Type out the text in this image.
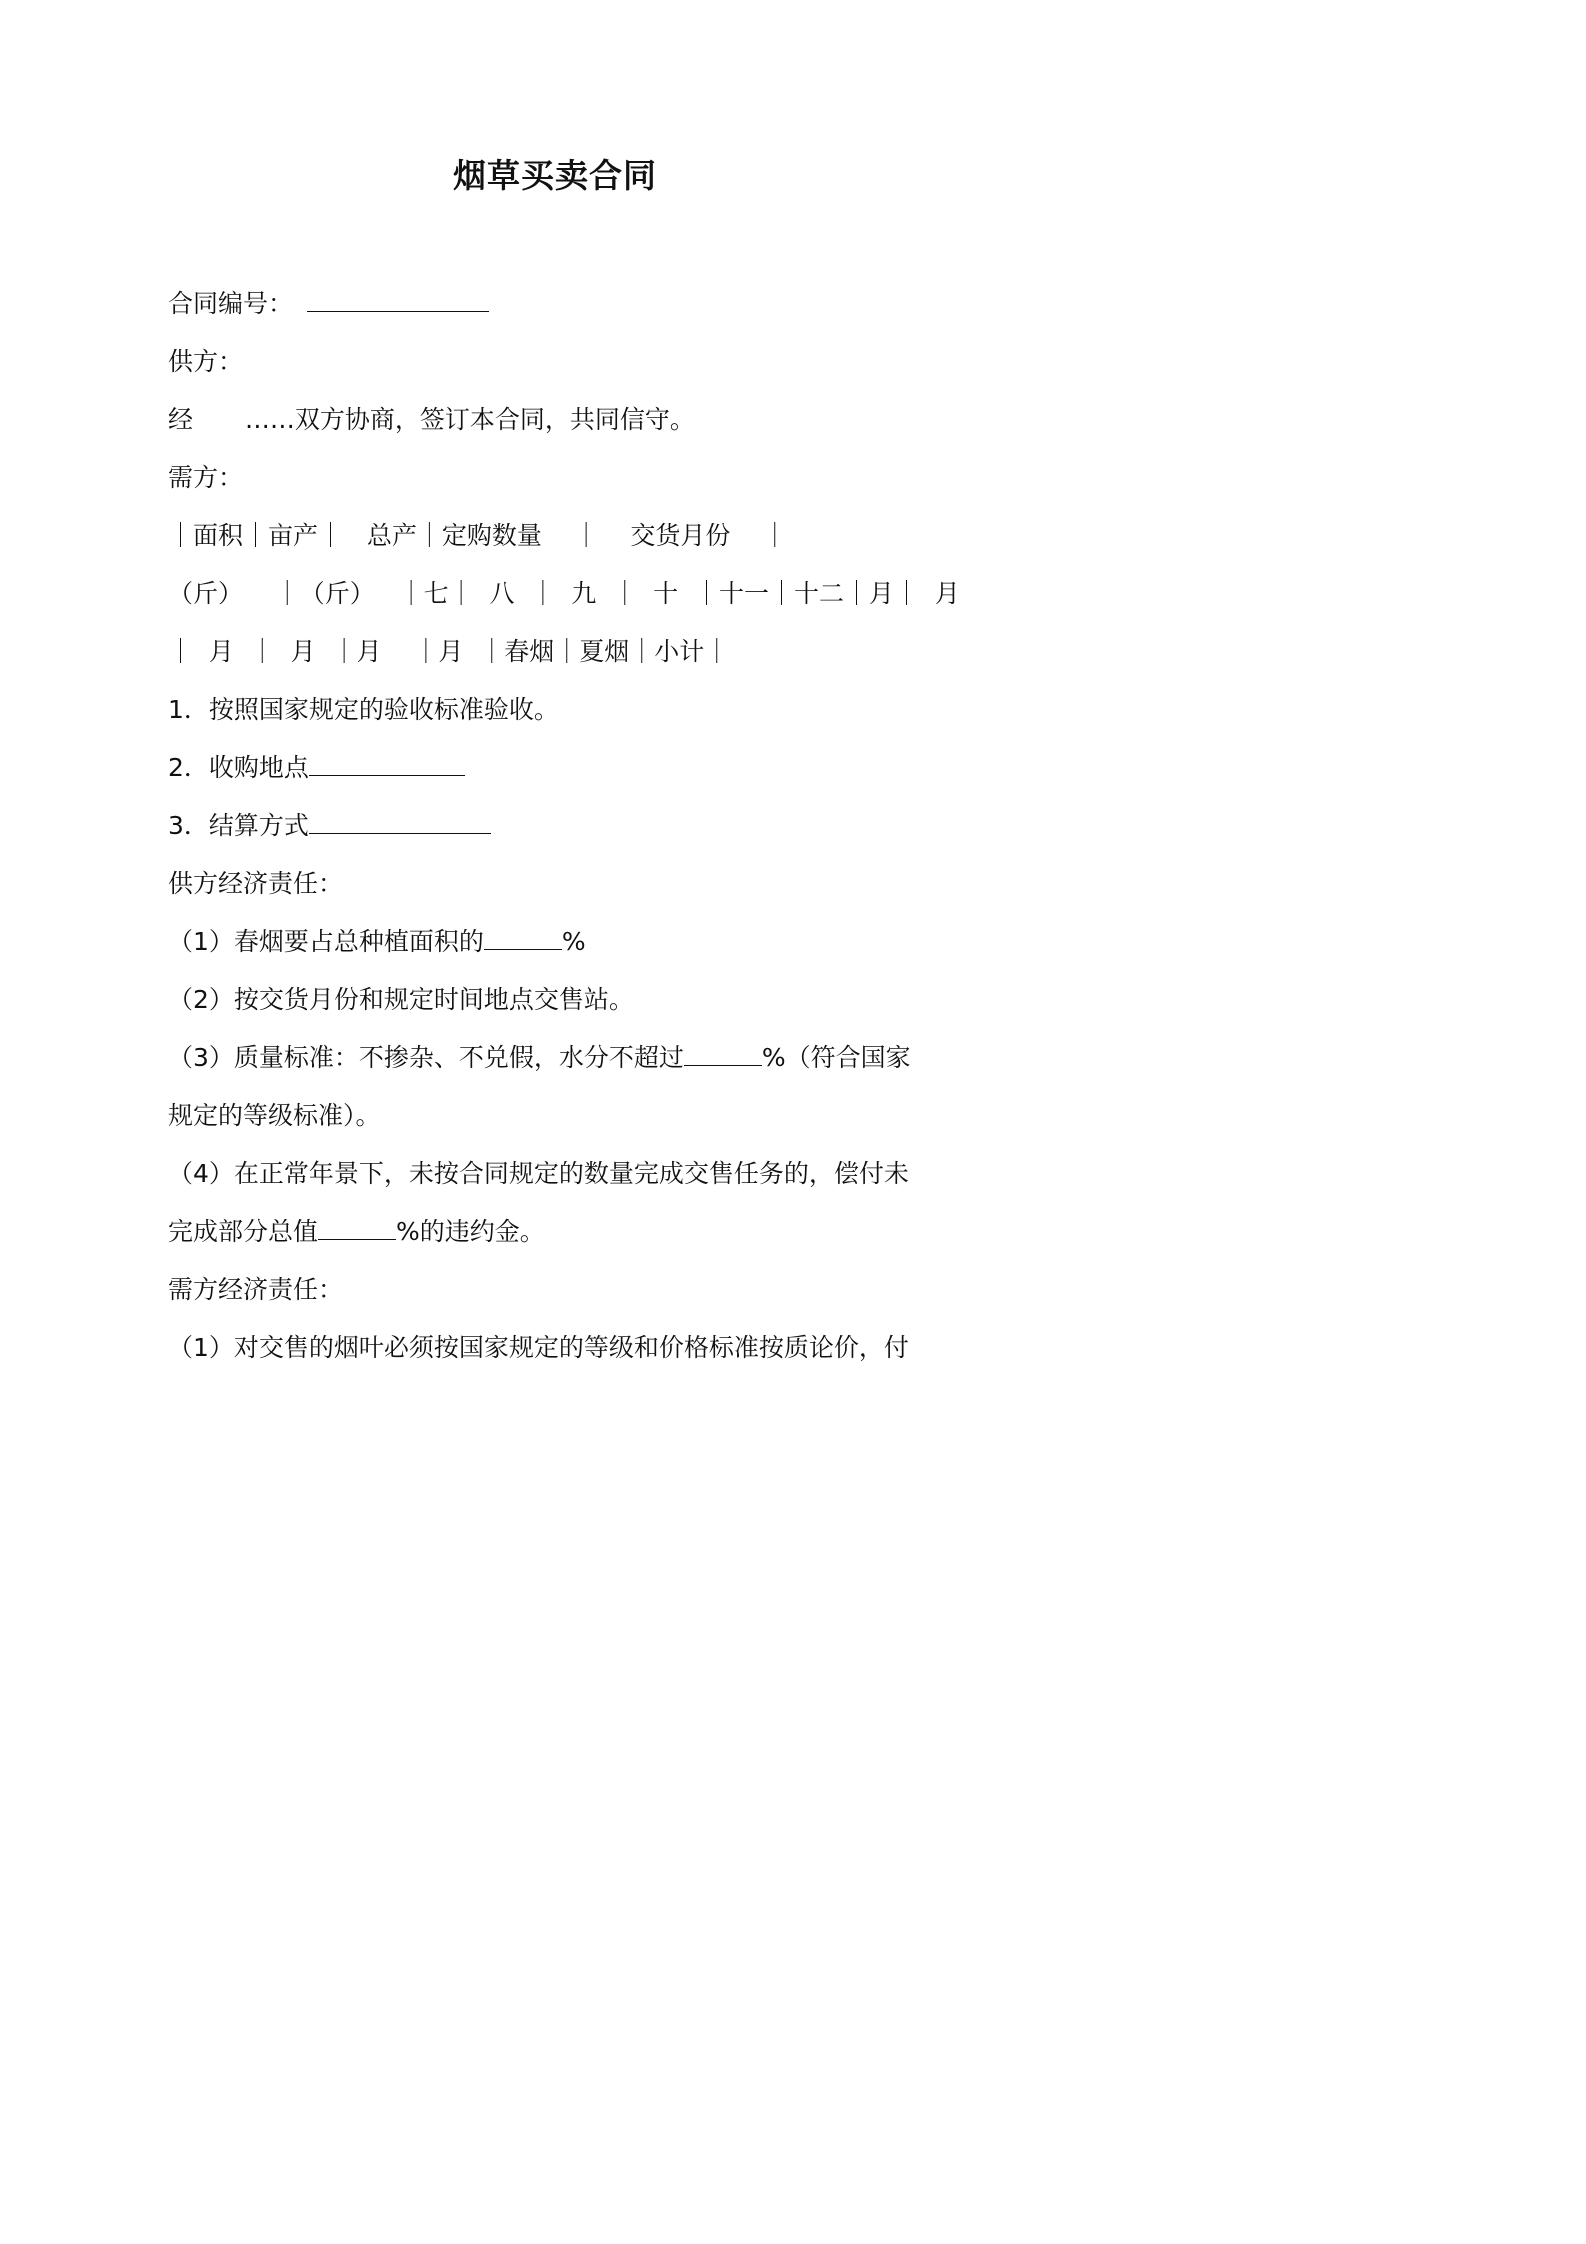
烟草买卖合同
合同编号：
供方：
经 ……双方协商，签订本合同，共同信守。
需方：
｜面积｜亩产｜   总产｜定购数量    ｜    交货月份    ｜
（斤）    ｜（斤）   ｜七｜  八  ｜  九  ｜  十  ｜十一｜十二｜月｜  月
｜  月  ｜  月  ｜月    ｜月  ｜春烟｜夏烟｜小计｜
1．按照国家规定的验收标准验收。
2．收购地点
3．结算方式
供方经济责任：
（1）春烟要占总种植面积的	%
（2）按交货月份和规定时间地点交售站。
（3）质量标准：不掺杂、不兑假，水分不超过	%（符合国家
规定的等级标准）。
（4）在正常年景下，未按合同规定的数量完成交售任务的，偿付未
完成部分总值	%的违约金。
需方经济责任：
（1）对交售的烟叶必须按国家规定的等级和价格标准按质论价，付
